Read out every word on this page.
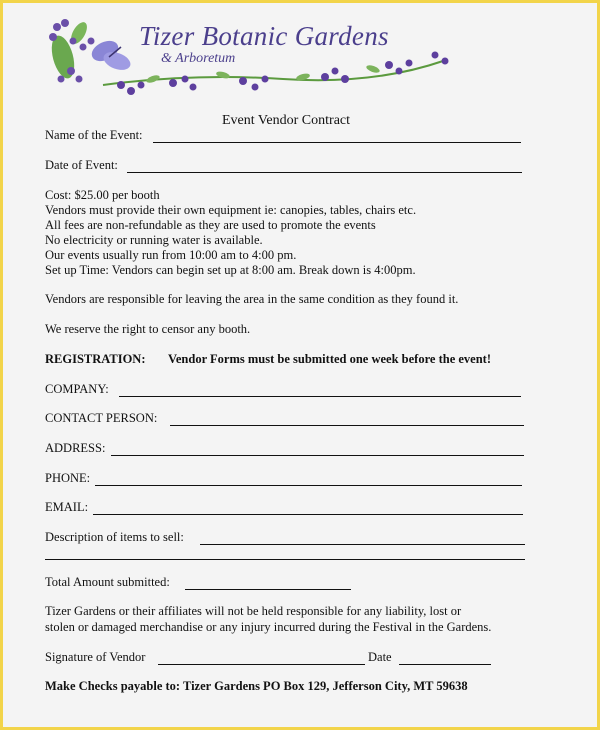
Tizer Botanic Gardens
& Arboretum
Event Vendor Contract
Name of the Event:
Date of Event:
Cost: $25.00 per booth
Vendors must provide their own equipment ie: canopies, tables, chairs etc.
All fees are non-refundable as they are used to promote the events
No electricity or running water is available.
Our events usually run from 10:00 am to 4:00 pm.
Set up Time: Vendors can begin set up at 8:00 am. Break down is 4:00pm.
Vendors are responsible for leaving the area in the same condition as they found it.
We reserve the right to censor any booth.
REGISTRATION: Vendor Forms must be submitted one week before the event!
COMPANY:
CONTACT PERSON:
ADDRESS:
PHONE:
EMAIL:
Description of items to sell:
Total Amount submitted:
Tizer Gardens or their affiliates will not be held responsible for any liability, lost or
stolen or damaged merchandise or any injury incurred during the Festival in the Gardens.
Signature of Vendor	Date
Make Checks payable to: Tizer Gardens PO Box 129, Jefferson City, MT 59638
